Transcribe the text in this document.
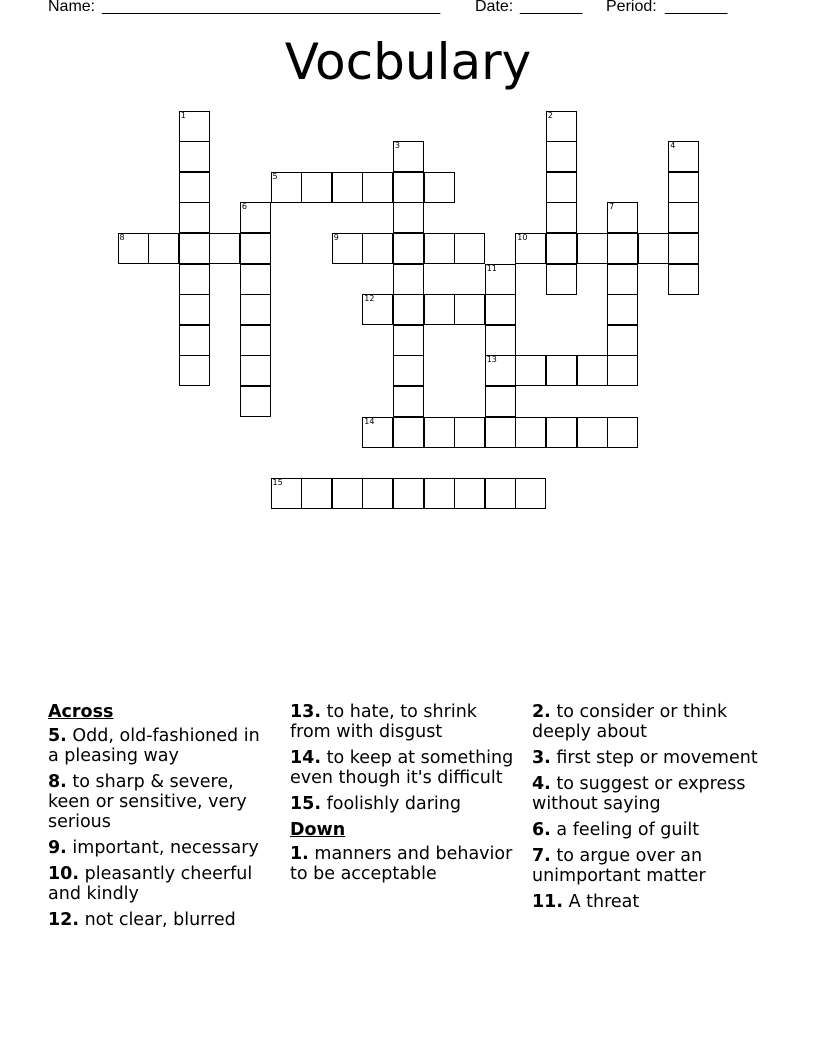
Name: ______________________________________ Date: _______ Period: _______
Vocbulary
1	2
3	4
5
6	7
8	9	10
11
13
12
14
15
Across
5. Odd, old-fashioned in a pleasing way
8. to sharp & severe, keen or sensitive, very serious
9. important, necessary
10. pleasantly cheerful and kindly
12. not clear, blurred
13. to hate, to shrink from with disgust
14. to keep at something even though it's difficult
15. foolishly daring
Down
1. manners and behavior to be acceptable
2. to consider or think deeply about
3. first step or movement
4. to suggest or express without saying
6. a feeling of guilt
7. to argue over an unimportant matter
11. A threat
